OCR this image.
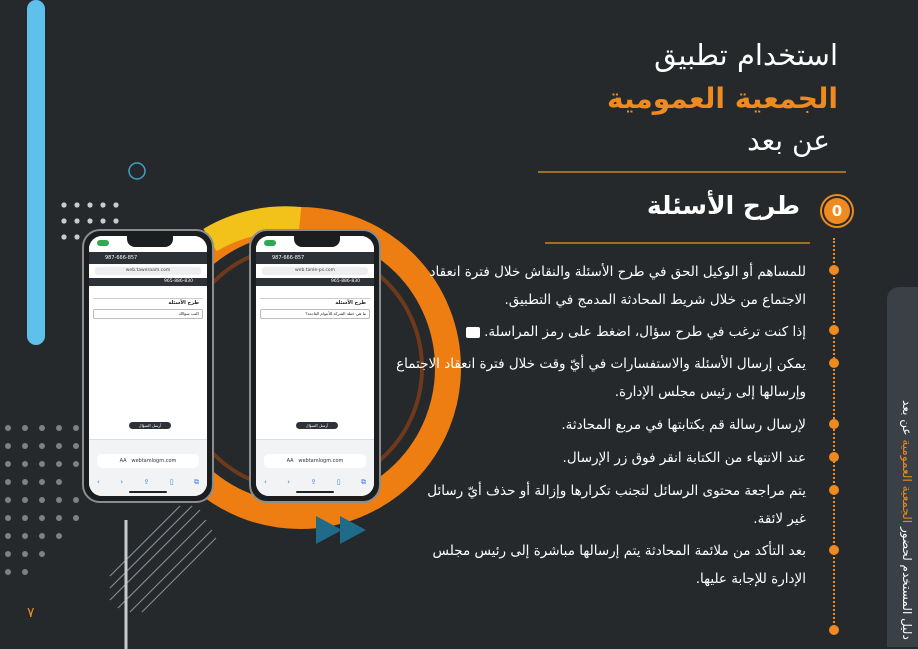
987-666-857
web.taweraam.com
965-886-830
طرح الأسئلة
اكتب سؤالك
أرسل السؤال
AA webtamlogm.com
‹	›	⇪	▯	⧉
987-666-857
web.tanle-ps.com
965-886-830
طرح الأسئلة
ما هي خطة الشركة للأعوام القادمة؟
أرسل السؤال
AA webtamlogm.com
‹	›	⇪	▯	⧉
استخدام تطبيق
الجمعية العمومية
عن بعد
0
طرح الأسئلة
للمساهم أو الوكيل الحق في طرح الأسئلة والنقاش خلال فترة انعقاد الاجتماع من خلال شريط المحادثة المدمج في التطبيق.
إذا كنت ترغب في طرح سؤال، اضغط على رمز المراسلة.
يمكن إرسال الأسئلة والاستفسارات في أيّ وقت خلال فترة انعقاد الاجتماع وإرسالها إلى رئيس مجلس الإدارة.
لإرسال رسالة قم بكتابتها في مربع المحادثة.
عند الانتهاء من الكتابة انقر فوق زر الإرسال.
يتم مراجعة محتوى الرسائل لتجنب تكرارها وإزالة أو حذف أيّ رسائل غير لائقة.
بعد التأكد من ملائمة المحادثة يتم إرسالها مباشرة إلى رئيس مجلس الإدارة للإجابة عليها.	دليل المستخدم لحضور الجمعية العمومية عن بعد
٧
